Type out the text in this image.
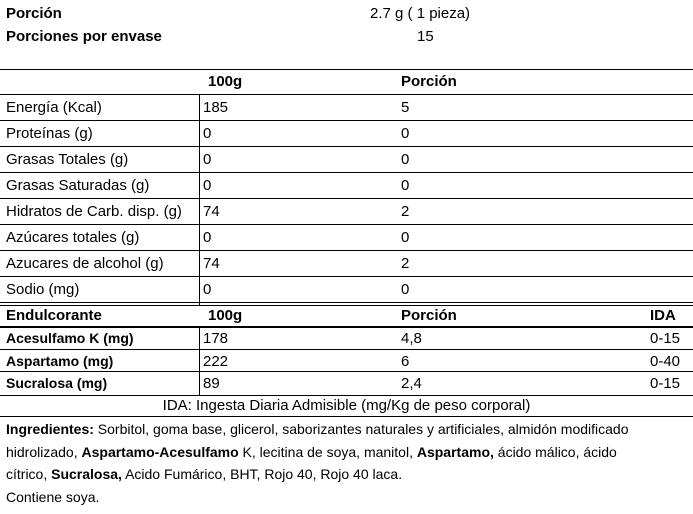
Porción	2.7 g ( 1 pieza)
Porciones por envase	15
100g	Porción
Energía (Kcal)	185	5
Proteínas (g)	0	0
Grasas Totales (g)	0	0
Grasas Saturadas (g)	0	0
Hidratos de Carb. disp. (g) 74	2
Azúcares totales (g)	0	0
Azucares de alcohol (g)	74	2
Sodio (mg)	0	0
Endulcorante	100g	Porción	IDA
Acesulfamo K (mg)	178	4,8	0-15
Aspartamo (mg)	222	6	0-40
Sucralosa (mg)	89	2,4	0-15
IDA: Ingesta Diaria Admisible (mg/Kg de peso corporal)
Ingredientes: Sorbitol, goma base, glicerol, saborizantes naturales y artificiales, almidón modificado hidrolizado, Aspartamo-Acesulfamo K, lecitina de soya, manitol, Aspartamo, ácido málico, ácido cítrico, Sucralosa, Acido Fumárico, BHT, Rojo 40, Rojo 40 laca.
Contiene soya.
